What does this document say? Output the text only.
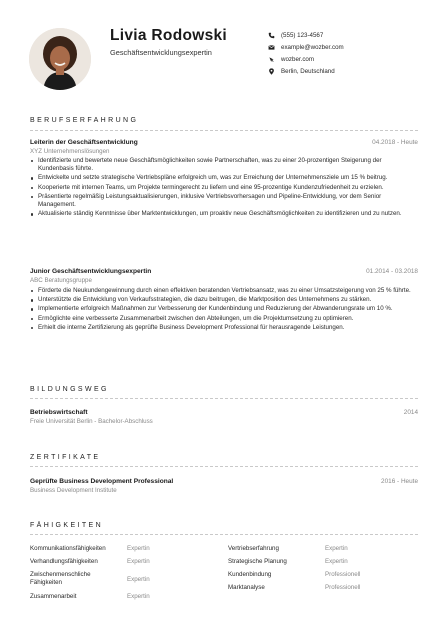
Livia Rodowski
Geschäftsentwicklungsexpertin
(555) 123-4567
example@wozber.com
wozber.com
Berlin, Deutschland
BERUFSERFAHRUNG
Leiterin der Geschäftsentwicklung	04.2018 - Heute
XYZ Unternehmenslösungen
Identifizierte und bewertete neue Geschäftsmöglichkeiten sowie Partnerschaften, was zu einer 20-prozentigen Steigerung der Kundenbasis führte.
Entwickelte und setzte strategische Vertriebspläne erfolgreich um, was zur Erreichung der Unternehmensziele um 15 % beitrug.
Kooperierte mit internen Teams, um Projekte termingerecht zu liefern und eine 95-prozentige Kundenzufriedenheit zu erzielen.
Präsentierte regelmäßig Leistungsaktualisierungen, inklusive Vertriebsvorhersagen und Pipeline-Entwicklung, vor dem Senior Management.
Aktualisierte ständig Kenntnisse über Marktentwicklungen, um proaktiv neue Geschäftsmöglichkeiten zu identifizieren und zu nutzen.
Junior Geschäftsentwicklungsexpertin	01.2014 - 03.2018
ABC Beratungsgruppe
Förderte die Neukundengewinnung durch einen effektiven beratenden Vertriebsansatz, was zu einer Umsatzsteigerung von 25 % führte.
Unterstützte die Entwicklung von Verkaufsstrategien, die dazu beitrugen, die Marktposition des Unternehmens zu stärken.
Implementierte erfolgreich Maßnahmen zur Verbesserung der Kundenbindung und Reduzierung der Abwanderungsrate um 10 %.
Ermöglichte eine verbesserte Zusammenarbeit zwischen den Abteilungen, um die Projektumsetzung zu optimieren.
Erhielt die interne Zertifizierung als geprüfte Business Development Professional für herausragende Leistungen.
BILDUNGSWEG
Betriebswirtschaft	2014
Freie Universität Berlin - Bachelor-Abschluss
ZERTIFIKATE
Geprüfte Business Development Professional	2016 - Heute
Business Development Institute
FÄHIGKEITEN
Kommunikationsfähigkeiten	Expertin
Verhandlungsfähigkeiten	Expertin
Zwischenmenschliche Fähigkeiten	Expertin
Zusammenarbeit	Expertin
Vertriebserfahrung	Expertin
Strategische Planung	Expertin
Kundenbindung	Professionell
Marktanalyse	Professionell
